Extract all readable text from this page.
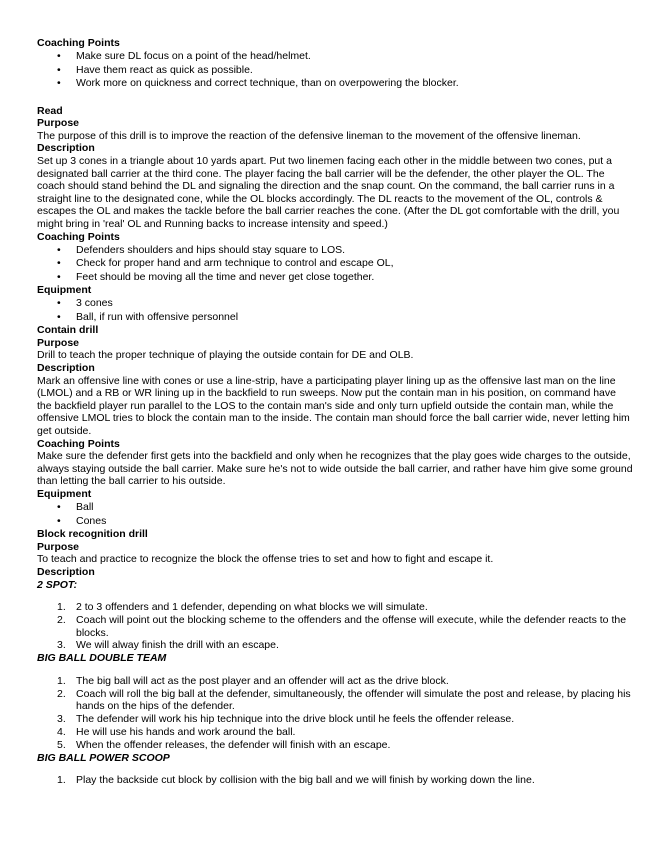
Coaching Points
• Make sure DL focus on a point of the head/helmet.
• Have them react as quick as possible.
• Work more on quickness and correct technique, than on overpowering the blocker.
Read
Purpose

The purpose of this drill is to improve the reaction of the defensive lineman to the movement of the offensive lineman.

Description

Set up 3 cones in a triangle about 10 yards apart. Put two linemen facing each other in the middle between two cones, put a designated ball carrier at the third cone. The player facing the ball carrier will be the defender, the other player the OL. The coach should stand behind the DL and signaling the direction and the snap count. On the command, the ball carrier runs in a straight line to the designated cone, while the OL blocks accordingly. The DL reacts to the movement of the OL, controls & escapes the OL and makes the tackle before the ball carrier reaches the cone. (After the DL got comfortable with the drill, you might bring in 'real' OL and Running backs to increase intensity and speed.)

Coaching Points
• Defenders shoulders and hips should stay square to LOS.
• Check for proper hand and arm technique to control and escape OL,
• Feet should be moving all the time and never get close together.
Equipment
• 3 cones
• Ball, if run with offensive personnel
Contain drill
Purpose

Drill to teach the proper technique of playing the outside contain for DE and OLB.

Description

Mark an offensive line with cones or use a line-strip, have a participating player lining up as the offensive last man on the line (LMOL) and a RB or WR lining up in the backfield to run sweeps. Now put the contain man in his position, on command have the backfield player run parallel to the LOS to the contain man's side and only turn upfield outside the contain man, while the offensive LMOL tries to block the contain man to the inside. The contain man should force the ball carrier wide, never letting him get outside.

Coaching Points

Make sure the defender first gets into the backfield and only when he recognizes that the play goes wide charges to the outside, always staying outside the ball carrier. Make sure he's not to wide outside the ball carrier, and rather have him give some ground than letting the ball carrier to his outside.

Equipment
• Ball
• Cones
Block recognition drill
Purpose

To teach and practice to recognize the block the offense tries to set and how to fight and escape it.

Description
2 SPOT:
1. 2 to 3 offenders and 1 defender, depending on what blocks we will simulate.
2. Coach will point out the blocking scheme to the offenders and the offense will execute, while the defender reacts to the blocks.
3. We will alway finish the drill with an escape.
BIG BALL DOUBLE TEAM
1. The big ball will act as the post player and an offender will act as the drive block.
2. Coach will roll the big ball at the defender, simultaneously, the offender will simulate the post and release, by placing his hands on the hips of the defender.
3. The defender will work his hip technique into the drive block until he feels the offender release.
4. He will use his hands and work around the ball.
5. When the offender releases, the defender will finish with an escape.
BIG BALL POWER SCOOP
1. Play the backside cut block by collision with the big ball and we will finish by working down the line.
